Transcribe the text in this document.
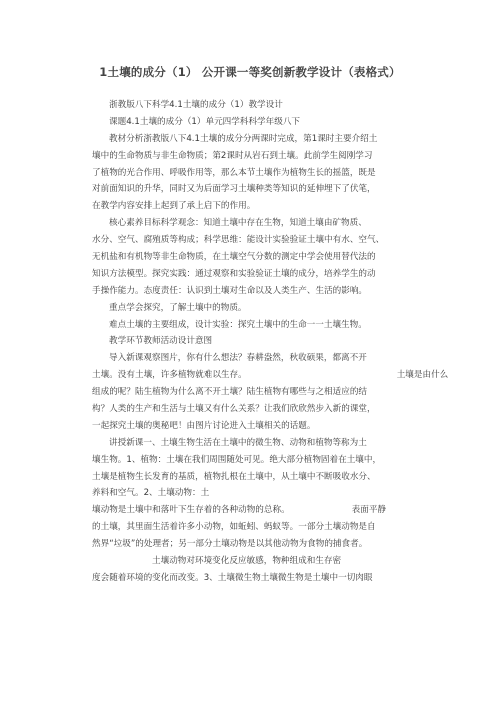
1土壤的成分（1） 公开课一等奖创新教学设计（表格式）
浙教版八下科学4.1土壤的成分（1）教学设计
课题4.1土壤的成分（1）单元四学科科学年级八下
教材分析浙教版八下4.1土壤的成分分两课时完成，第1课时主要介绍土
壤中的生命物质与非生命物质；第2课时从岩石到土壤。此前学生阅刚学习
了植物的光合作用、呼吸作用等，那么本节土壤作为植物生长的摇篮，既是
对前面知识的升华，同时又为后面学习土壤种类等知识的延伸埋下了伏笔，
在教学内容安排上起到了承上启下的作用。
核心素养目标科学观念：知道土壤中存在生物，知道土壤由矿物质、
水分、空气、腐殖质等构成；科学思维：能设计实验验证土壤中有水、空气、
无机盐和有机物等非生命物质，在土壤空气分数的测定中学会使用替代法的
知识方法模型。探究实践：通过观察和实验验证土壤的成分，培养学生的动
手操作能力。态度责任：认识到土壤对生命以及人类生产、生活的影响。
重点学会探究，了解土壤中的物质。
难点土壤的主要组成，设计实验：探究土壤中的生命一一土壤生物。
教学环节教师活动设计意图
导入新课观察图片，你有什么想法？春耕盎然，秋收硕果，都离不开
土壤。没有土壤，许多植物就难以生存。	土壤是由什么
组成的呢？陆生植物为什么离不开土壤？陆生植物有哪些与之相适应的结
构？人类的生产和生活与土壤又有什么关系？让我们欣欣然步入新的课堂，
一起探究土壤的奥秘吧！由图片讨论进入土壤相关的话题。
讲授新课一、土壤生物生活在土壤中的微生物、动物和植物等称为土
壤生物。1、植物：土壤在我们周围随处可见。绝大部分植物固着在土壤中，
土壤是植物生长发育的基质，植物扎根在土壤中，从土壤中不断吸收水分、
养料和空气。2、土壤动物：土
壤动物是土壤中和落叶下生存着的各种动物的总称。	表面平静
的土壤，其里面生活着许多小动物，如蚯蚓、蚂蚁等。一部分土壤动物是自
然界“垃圾”的处理者；另一部分土壤动物是以其他动物为食物的捕食者。
土壤动物对环境变化反应敏感，物种组成和生存密
度会随着环境的变化而改变。3、土壤微生物土壤微生物是土壤中一切肉眼
